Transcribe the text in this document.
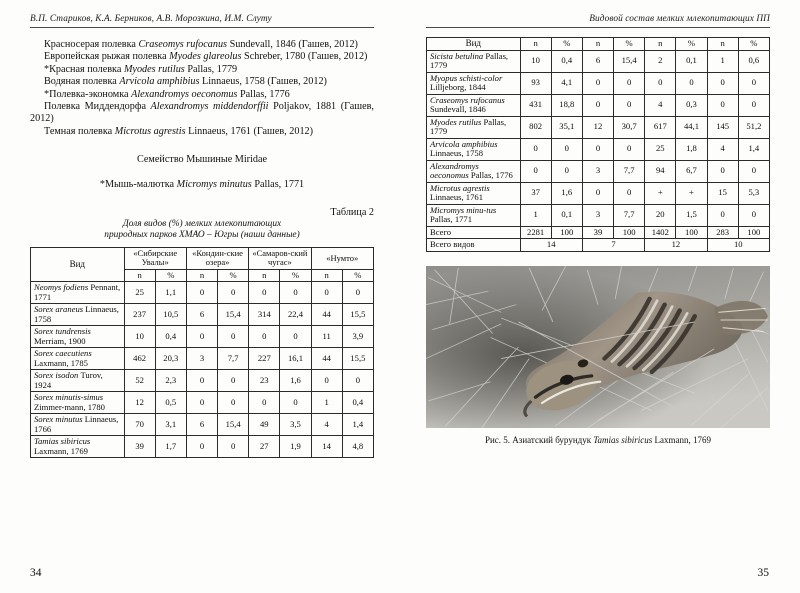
В.П. Стариков, К.А. Берников, А.В. Морозкина, И.М. Слуту

Красносерая полевка Craseomys rufocanus Sundevall, 1846 (Гашев, 2012)

Европейская рыжая полевка Myodes glareolus Schreber, 1780 (Гашев, 2012)

*Красная полевка Myodes rutilus Pallas, 1779

Водяная полевка Arvicola amphibius Linnaeus, 1758 (Гашев, 2012)

*Полевка-экономка Alexandromys oeconomus Pallas, 1776

Полевка Миддендорфа Alexandromys middendorffii Poljakov, 1881 (Гашев, 2012)

Темная полевка Microtus agrestis Linnaeus, 1761 (Гашев, 2012)

Семейство Мышиные Miridae

*Мышь-малютка Micromys minutus Pallas, 1771

Таблица 2
Доля видов (%) мелких млекопитающих
природных парков ХМАО – Югры (наши данные)
Вид	«Сибирские Увалы»		«Кондин-​ские озера»		«Самаров-​ский чугас»		«Нумто»	
	n	%	n	%	n	%	n	%
Neomys fodiens Pennant, 1771	25	1,1	0	0	0	0	0	0
Sorex araneus Linnaeus, 1758	237	10,5	6	15,4	314	22,4	44	15,5
Sorex tundrensis Merriam, 1900	10	0,4	0	0	0	0	11	3,9
Sorex caecutiens Laxmann, 1785	462	20,3	3	7,7	227	16,1	44	15,5
Sorex isodon Turov, 1924	52	2,3	0	0	23	1,6	0	0
Sorex minutis-simus Zimmer-mann, 1780	12	0,5	0	0	0	0	1	0,4
Sorex minutus Linnaeus, 1766	70	3,1	6	15,4	49	3,5	4	1,4
Tamias sibiricus Laxmann, 1769	39	1,7	0	0	27	1,9	14	4,8
34
Видовой состав мелких млекопитающих ПП
Вид	n	%	n	%	n	%	n	%
Sicista betulina Pallas, 1779	10	0,4	6	15,4	2	0,1	1	0,6
Myopus schisti-color Lilljeborg, 1844	93	4,1	0	0	0	0	0	0
Craseomys rufocanus Sundevall, 1846	431	18,8	0	0	4	0,3	0	0
Myodes rutilus Pallas, 1779	802	35,1	12	30,7	617	44,1	145	51,2
Arvicola amphibius Linnaeus, 1758	0	0	0	0	25	1,8	4	1,4
Alexandromys oeconomus Pallas, 1776	0	0	3	7,7	94	6,7	0	0
Microtus agrestis Linnaeus, 1761	37	1,6	0	0	+	+	15	5,3
Micromys minu-tus Pallas, 1771	1	0,1	3	7,7	20	1,5	0	0
Всего	2281	100	39	100	1402	100	283	100
Всего видов	14		7		12		10	
Рис. 5. Азиатский бурундук Tamias sibiricus Laxmann, 1769
35
